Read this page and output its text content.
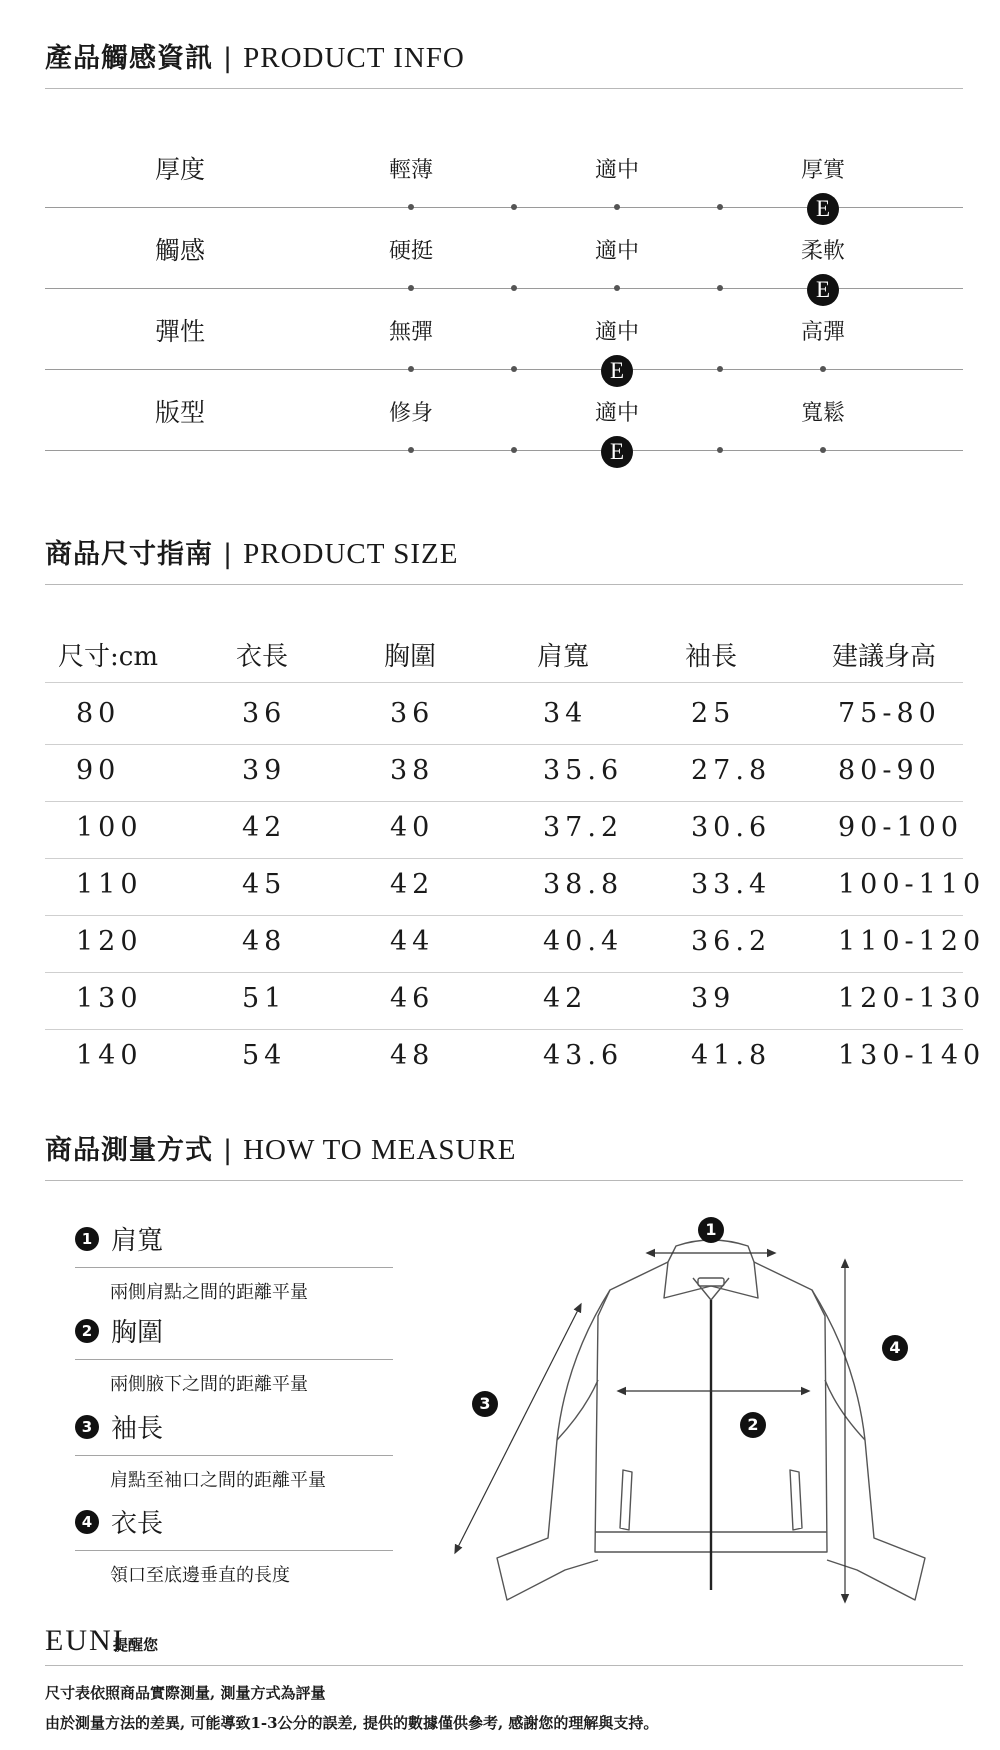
產品觸感資訊 | PRODUCT INFO
厚度	輕薄	適中	厚實
E
觸感	硬挺	適中	柔軟
E
彈性	無彈	適中	高彈
E
版型	修身	適中	寬鬆
E
商品尺寸指南 | PRODUCT SIZE
尺寸:cm	衣長	胸圍	肩寬	袖長	建議身高
80	36	36	34	25	75-80
90	39	38	35.6	27.8 80-90
100	42	40	37.2	30.6 90-100
110	45	42	38.8	33.4 100-110
120	48	44	40.4	36.2 110-120
130	51	46	42	39	120-130
140	54	48	43.6	41.8 130-140
商品測量方式 | HOW TO MEASURE
1 肩寬
兩側肩點之間的距離平量
2 胸圍
兩側腋下之間的距離平量
3 袖長
肩點至袖口之間的距離平量
4 衣長
領口至底邊垂直的長度
1
2
3
4
EUNI
提醒您
尺寸表依照商品實際測量, 測量方式為評量
由於測量方法的差異, 可能導致1-3公分的誤差, 提供的數據僅供參考, 感謝您的理解與支持。
